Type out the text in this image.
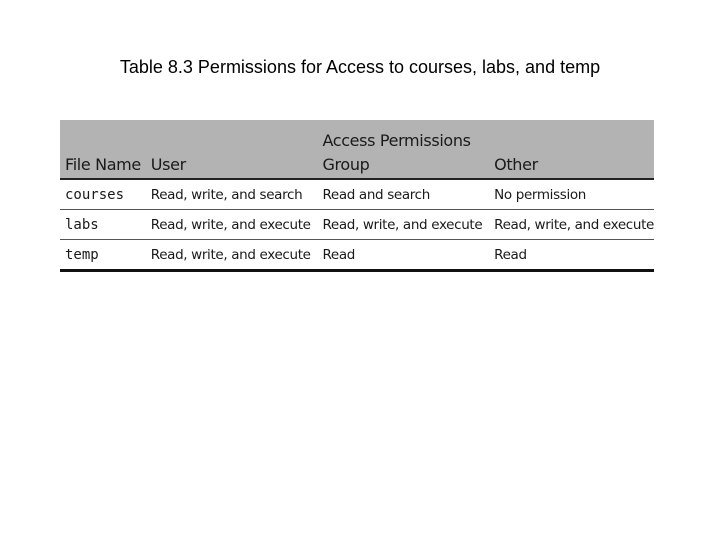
Table 8.3 Permissions for Access to courses, labs, and temp
		Access Permissions	
File Name	User	Group	Other
courses	Read, write, and search	Read and search	No permission
labs	Read, write, and execute	Read, write, and execute	Read, write, and execute
temp	Read, write, and execute	Read	Read
